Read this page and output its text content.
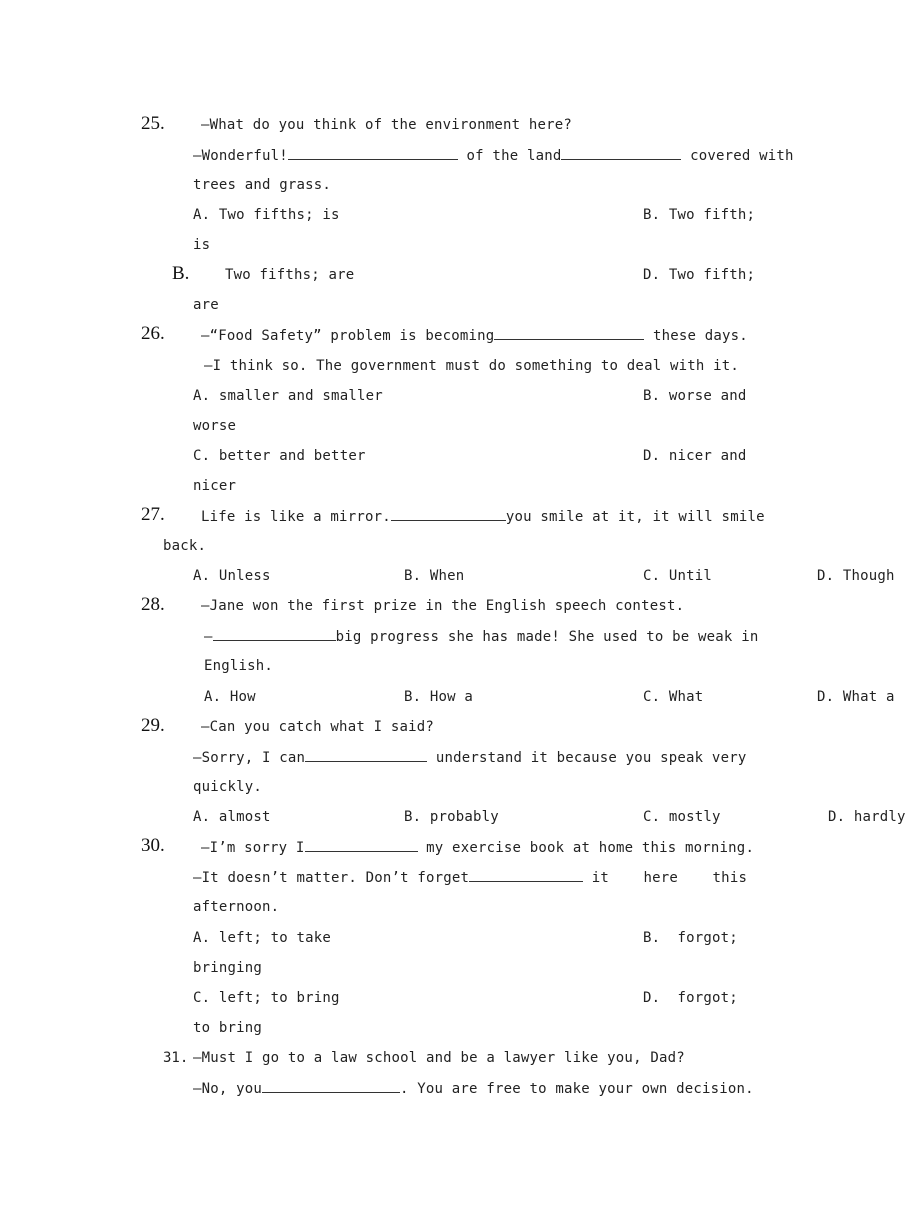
25.	—What do you think of the environment here?
—Wonderful!	of the land	covered with
trees and grass.
A. Two fifths; is	B. Two fifth;
is
B.	Two fifths; are	D. Two fifth;
are
26.	—“Food Safety” problem is becoming	these days.
—I think so. The government must do something to deal with it.
A. smaller and smaller	B. worse and
worse
C. better and better	D. nicer and
nicer
27.	Life is like a mirror.	you smile at it, it will smile
back.
A. Unless	B. When	C. Until	D. Though
28.	—Jane won the first prize in the English speech contest.
—	big progress she has made! She used to be weak in
English.
A. How	B. How a	C. What	D. What a
29.	—Can you catch what I said?
—Sorry, I can	understand it because you speak very
quickly.
A. almost	B. probably	C. mostly	D. hardly
30.	—I’m sorry I	my exercise book at home this morning.
—It doesn’t matter. Don’t forget	it    here    this
afternoon.
A. left; to take	B.  forgot;
bringing
C. left; to bring	D.  forgot;
to bring
31. —Must I go to a law school and be a lawyer like you, Dad?
—No, you	. You are free to make your own decision.
